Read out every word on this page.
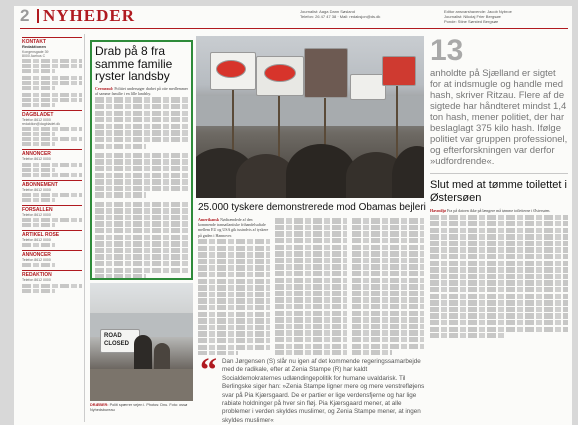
2 NYHEDER	Journalist: Aaga Dann Søsland
Telefon: 26 47 47 38 · Mail: redaksjon@ds.dk
Editor ansvarshavende: Jacob Nybroe
Journalist: Nikolaj Frier Bergsøe
Ponde: Stine Sørsted Bergsøe
KONTAKT
Redaktionen
Kongensgade 39
8000 Aarhus C
DAGBLADET
Telefon 8612 0000
redaktion@dagbladet.dk
ANNONCER
Telefon 8612 0000
ABONNEMENT
Telefon 8612 0000
FORSALLEN
Telefon 8612 0000
ARTIKEL ROSE
Telefon 8612 0000
ANNONCER
Telefon 8612 0000
REDAKTION
Telefon 8612 0000
Drab på 8 fra samme familie ryster landsby
Cermeaul: Politiet undersøger drabet på otte medlemmer af samme familie i en lille landsby.
ROAD
CLOSED
DRÆBER: Politi spærrer vejen i. Photos: Dnu. Foto: ossø Nyhedsbureau
25.000 tyskere demonstrerede mod Obamas bejleri
Amerikansk Nødtrændede af den kommende transatlantiske frihandelsaftale mellem EU og USA gik tusindvis af tyskere på gaden i Hannover.
13
anholdte på Sjælland er sigtet for at indsmugle og handle med hash, skriver Ritzau. Flere af de sigtede har håndteret mindst 1,4 ton hash, mener politiet, der har beslaglagt 375 kilo hash. Ifølge politiet var gruppen professionel, og efterforskningen var derfor »udfordrende«.
Slut med at tømme toilettet i Østersøen
Havmiljø Fra på datoen ikke på længere må tømme toiletterne i Østersøen.
“ Dan Jørgensen (S) slår nu igen af det kommende regeringssamarbejde med de radikale, efter at Zenia Stampe (R) har kaldt Socialdemokraternes udlændingepolitik for humane uvaldarisk. Til Berlingske siger han: »Zenia Stampe ligner mere og mere venstrefløjens svar på Pia Kjærsgaard. De er partier er lige verdensfjerne og har lige rabiate holdninger på hver sin fløj. Pia Kjærsgaard mener, at alle problemer i verden skyldes muslimer, og Zenia Stampe mener, at ingen skyldes muslimer«
